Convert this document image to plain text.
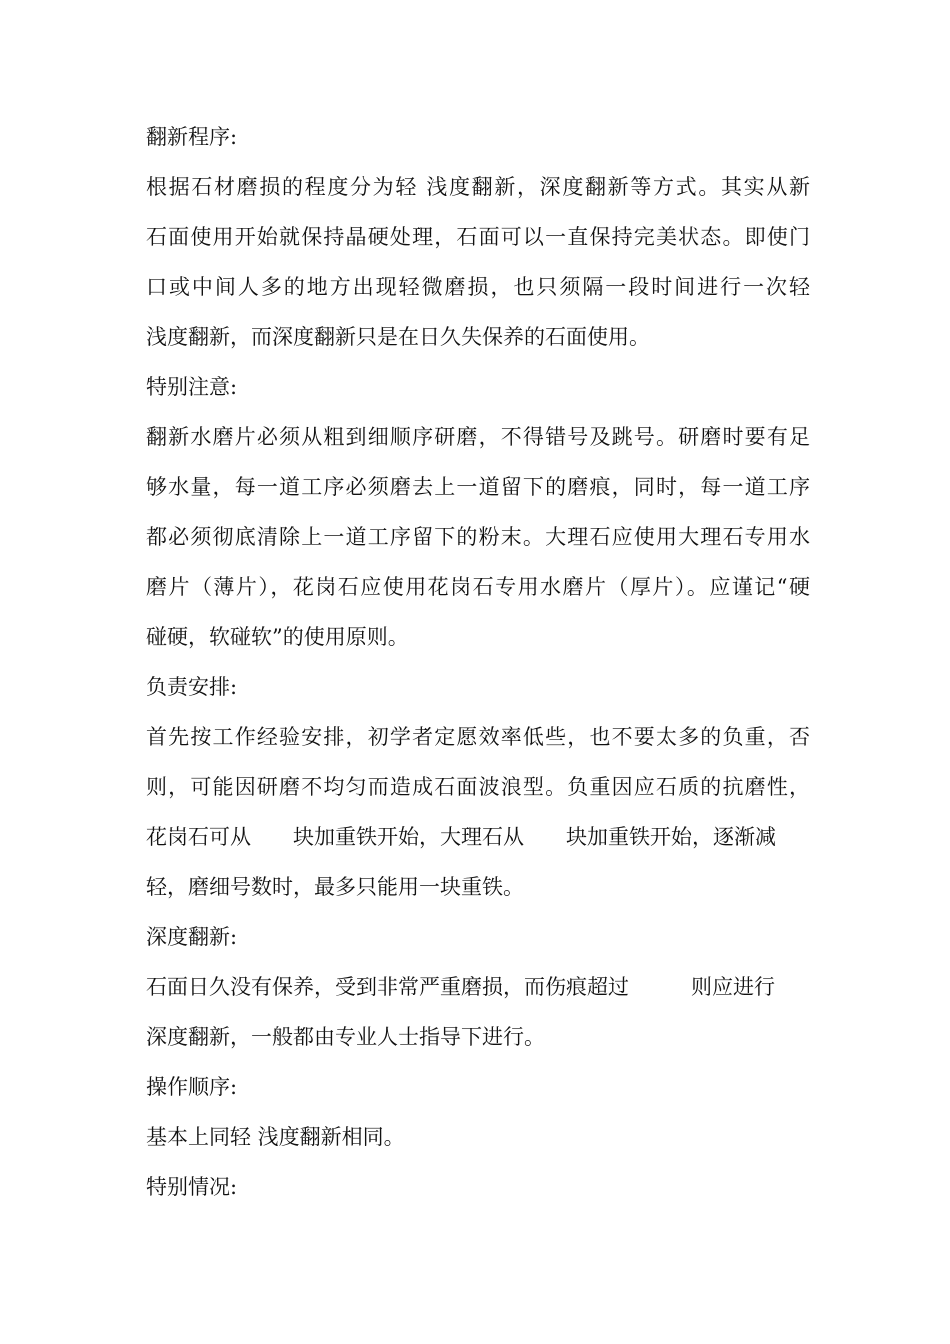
翻新程序:
根据石材磨损的程度分为轻 浅度翻新，深度翻新等方式。其实从新
石面使用开始就保持晶硬处理，石面可以一直保持完美状态。即使门
口或中间人多的地方出现轻微磨损，也只须隔一段时间进行一次轻
浅度翻新，而深度翻新只是在日久失保养的石面使用。
特别注意:
翻新水磨片必须从粗到细顺序研磨，不得错号及跳号。研磨时要有足
够水量，每一道工序必须磨去上一道留下的磨痕，同时，每一道工序
都必须彻底清除上一道工序留下的粉末。大理石应使用大理石专用水
磨片（薄片），花岗石应使用花岗石专用水磨片（厚片）。应谨记“硬
碰硬，软碰软”的使用原则。
负责安排:
首先按工作经验安排，初学者定愿效率低些，也不要太多的负重，否
则，可能因研磨不均匀而造成石面波浪型。负重因应石质的抗磨性，
花岗石可从 块加重铁开始，大理石从 块加重铁开始，逐渐减
轻，磨细号数时，最多只能用一块重铁。
深度翻新:
石面日久没有保养，受到非常严重磨损，而伤痕超过	则应进行
深度翻新，一般都由专业人士指导下进行。
操作顺序:
基本上同轻 浅度翻新相同。
特别情况:
